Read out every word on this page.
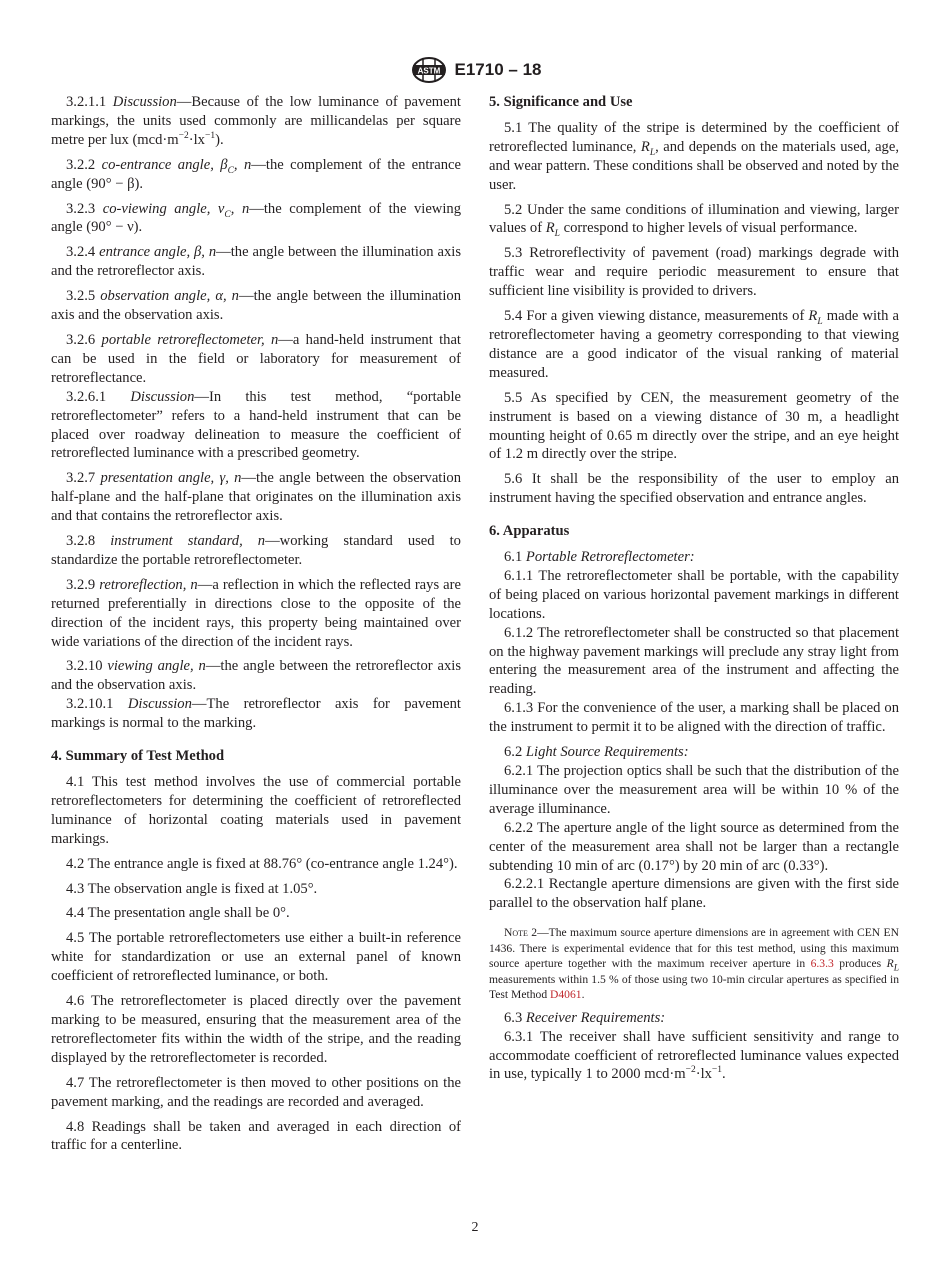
ASTM E1710 – 18

3.2.1.1 Discussion—Because of the low luminance of pavement markings, the units used commonly are millicandelas per square metre per lux $(mcd\cdot m^{-2}\cdot lx^{-1})$.

3.2.2 co-entrance angle, $\beta_C$, n—the complement of the entrance angle (90° − β).

3.2.3 co-viewing angle, $v_C$, n—the complement of the viewing angle (90° − ν).

3.2.4 entrance angle, β, n—the angle between the illumination axis and the retroreflector axis.

3.2.5 observation angle, α, n—the angle between the illumination axis and the observation axis.

3.2.6 portable retroreflectometer, n—a hand-held instrument that can be used in the field or laboratory for measurement of retroreflectance.

3.2.6.1 Discussion—In this test method, “portable retroreflectometer” refers to a hand-held instrument that can be placed over roadway delineation to measure the coefficient of retroreflected luminance with a prescribed geometry.

3.2.7 presentation angle, γ, n—the angle between the observation half-plane and the half-plane that originates on the illumination axis and that contains the retroreflector axis.

3.2.8 instrument standard, n—working standard used to standardize the portable retroreflectometer.

3.2.9 retroreflection, n—a reflection in which the reflected rays are returned preferentially in directions close to the opposite of the direction of the incident rays, this property being maintained over wide variations of the direction of the incident rays.

3.2.10 viewing angle, n—the angle between the retroreflector axis and the observation axis.

3.2.10.1 Discussion—The retroreflector axis for pavement markings is normal to the marking.

4. Summary of Test Method

4.1 This test method involves the use of commercial portable retroreflectometers for determining the coefficient of retroreflected luminance of horizontal coating materials used in pavement markings.

4.2 The entrance angle is fixed at 88.76° (co-entrance angle 1.24°).

4.3 The observation angle is fixed at 1.05°.

4.4 The presentation angle shall be 0°.

4.5 The portable retroreflectometers use either a built-in reference white for standardization or use an external panel of known coefficient of retroreflected luminance, or both.

4.6 The retroreflectometer is placed directly over the pavement marking to be measured, ensuring that the measurement area of the retroreflectometer fits within the width of the stripe, and the reading displayed by the retroreflectometer is recorded.

4.7 The retroreflectometer is then moved to other positions on the pavement marking, and the readings are recorded and averaged.

4.8 Readings shall be taken and averaged in each direction of traffic for a centerline.

5. Significance and Use

5.1 The quality of the stripe is determined by the coefficient of retroreflected luminance, $R_L$, and depends on the materials used, age, and wear pattern. These conditions shall be observed and noted by the user.

5.2 Under the same conditions of illumination and viewing, larger values of $R_L$ correspond to higher levels of visual performance.

5.3 Retroreflectivity of pavement (road) markings degrade with traffic wear and require periodic measurement to ensure that sufficient line visibility is provided to drivers.

5.4 For a given viewing distance, measurements of $R_L$ made with a retroreflectometer having a geometry corresponding to that viewing distance are a good indicator of the visual ranking of material measured.

5.5 As specified by CEN, the measurement geometry of the instrument is based on a viewing distance of 30 m, a headlight mounting height of 0.65 m directly over the stripe, and an eye height of 1.2 m directly over the stripe.

5.6 It shall be the responsibility of the user to employ an instrument having the specified observation and entrance angles.

6. Apparatus

6.1 Portable Retroreflectometer:

6.1.1 The retroreflectometer shall be portable, with the capability of being placed on various horizontal pavement markings in different locations.

6.1.2 The retroreflectometer shall be constructed so that placement on the highway pavement markings will preclude any stray light from entering the measurement area of the instrument and affecting the reading.

6.1.3 For the convenience of the user, a marking shall be placed on the instrument to permit it to be aligned with the direction of traffic.

6.2 Light Source Requirements:

6.2.1 The projection optics shall be such that the distribution of the illuminance over the measurement area will be within 10 % of the average illuminance.

6.2.2 The aperture angle of the light source as determined from the center of the measurement area shall not be larger than a rectangle subtending 10 min of arc (0.17°) by 20 min of arc (0.33°).

6.2.2.1 Rectangle aperture dimensions are given with the first side parallel to the observation half plane.

Note 2—The maximum source aperture dimensions are in agreement with CEN EN 1436. There is experimental evidence that for this test method, using this maximum source aperture together with the maximum receiver aperture in 6.3.3 produces $R_L$ measurements within 1.5 % of those using two 10-min circular apertures as specified in Test Method D4061.

6.3 Receiver Requirements:

6.3.1 The receiver shall have sufficient sensitivity and range to accommodate coefficient of retroreflected luminance values expected in use, typically 1 to 2000 $mcd\cdot m^{-2}\cdot lx^{-1}$.

2
